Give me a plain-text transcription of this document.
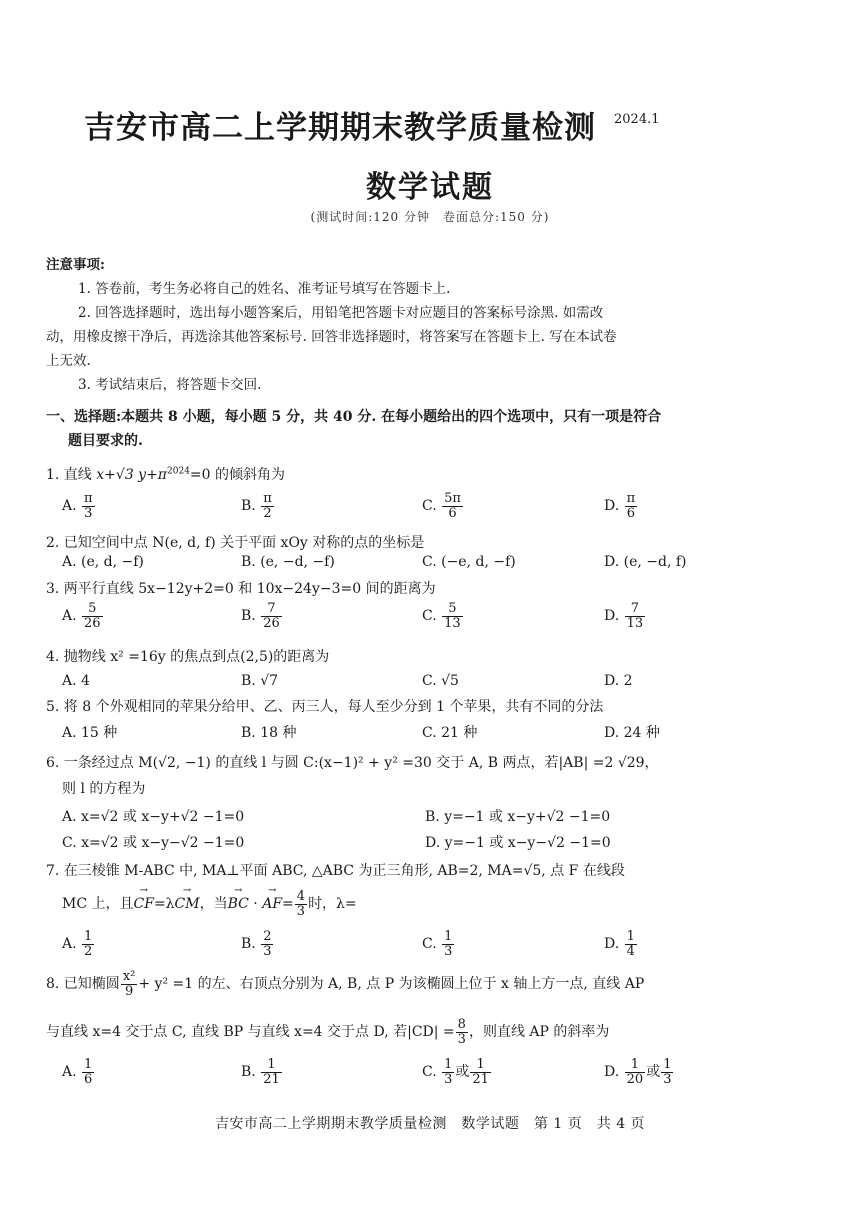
吉安市高二上学期期末教学质量检测 2024.1
数学试题
(测试时间:120 分钟　卷面总分:150 分)
注意事项:
1. 答卷前，考生务必将自己的姓名、准考证号填写在答题卡上.
2. 回答选择题时，选出每小题答案后，用铅笔把答题卡对应题目的答案标号涂黑. 如需改
动，用橡皮擦干净后，再选涂其他答案标号. 回答非选择题时，将答案写在答题卡上. 写在本试卷
上无效.
3. 考试结束后，将答题卡交回.
一、选择题:本题共 8 小题，每小题 5 分，共 40 分. 在每小题给出的四个选项中，只有一项是符合
题目要求的.
1. 直线 x+√3 $y+\pi^{2024}=0$ 的倾斜角为
A. $\frac{\pi}{3}$	B. $\frac{\pi}{2}$	C. $\frac{5\pi}{6}$	D. $\frac{\pi}{6}$
2. 已知空间中点 N(e, d, f) 关于平面 xOy 对称的点的坐标是
A. (e, d, −f)	B. (e, −d, −f)	C. (−e, d, −f)	D. (e, −d, f)
3. 两平行直线 5x−12y+2=0 和 10x−24y−3=0 间的距离为
A. $\frac{5}{26}$	B. $\frac{7}{26}$	C. $\frac{5}{13}$	D. $\frac{7}{13}$
4. 抛物线 x² =16y 的焦点到点(2,5)的距离为
A. 4	B. √7	C. √5	D. 2
5. 将 8 个外观相同的苹果分给甲、乙、丙三人，每人至少分到 1 个苹果，共有不同的分法
A. 15 种	B. 18 种	C. 21 种	D. 24 种
6. 一条经过点 M(√2, −1) 的直线 l 与圆 C:(x−1)² + y² =30 交于 A, B 两点，若|AB| =2 √29，
则 l 的方程为
A. x=√2 或 x−y+√2 −1=0	B. y=−1 或 x−y+√2 −1=0
C. x=√2 或 x−y−√2 −1=0	D. y=−1 或 x−y−√2 −1=0
7. 在三棱锥 M-ABC 中, MA⊥平面 ABC, △ABC 为正三角形, AB=2, MA=√5, 点 F 在线段
MC 上，且→ CF=λ→ CM，当→ BC · → $AF= \frac{4}{3}$ 时，λ=
A. $\frac{1}{2}$	B. $\frac{2}{3}$	C. $\frac{1}{3}$	D. $\frac{1}{4}$
8. 已知椭圆 $\frac{\text{x²}}{9} + y^2 =1$ 的左、右顶点分别为 A, B, 点 P 为该椭圆上位于 x 轴上方一点, 直线 AP
与直线 x=4 交于点 C, 直线 BP 与直线 x=4 交于点 D, 若$|CD| = \frac{8}{3}$ ，则直线 AP 的斜率为
A. $\frac{1}{6}$	B. $\frac{1}{21}$	C. $\frac{1}{3}$ 或 $\frac{1}{21}$	D. $\frac{1}{20}$ 或 $\frac{1}{3}$
吉安市高二上学期期末教学质量检测　数学试题　第 1 页　共 4 页
